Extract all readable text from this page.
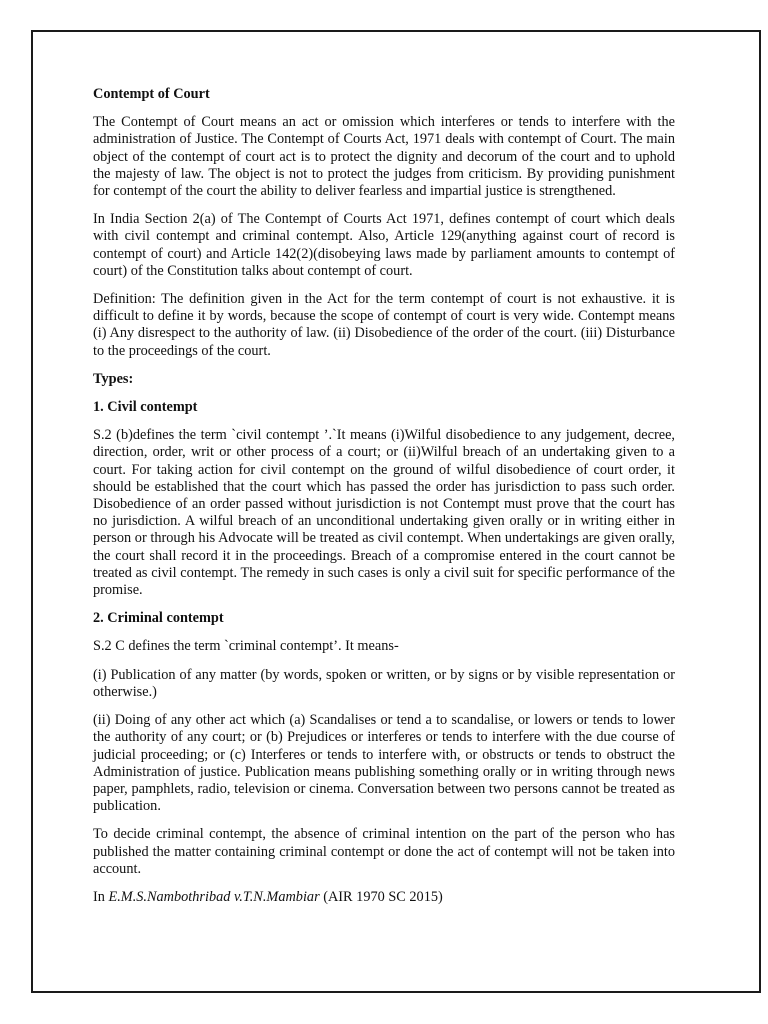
Contempt of Court

The Contempt of Court means an act or omission which interferes or tends to interfere with the administration of Justice. The Contempt of Courts Act, 1971 deals with contempt of Court. The main object of the contempt of court act is to protect the dignity and decorum of the court and to uphold the majesty of law. The object is not to protect the judges from criticism. By providing punishment for contempt of the court the ability to deliver fearless and impartial justice is strengthened.

In India Section 2(a) of The Contempt of Courts Act 1971, defines contempt of court which deals with civil contempt and criminal contempt. Also, Article 129(anything against court of record is contempt of court) and Article 142(2)(disobeying laws made by parliament amounts to contempt of court) of the Constitution talks about contempt of court.

Definition: The definition given in the Act for the term contempt of court is not exhaustive. it is difficult to define it by words, because the scope of contempt of court is very wide. Contempt means (i) Any disrespect to the authority of law. (ii) Disobedience of the order of the court. (iii) Disturbance to the proceedings of the court.

Types:

1. Civil contempt

S.2 (b)defines the term `civil contempt ’.`It means (i)Wilful disobedience to any judgement, decree, direction, order, writ or other process of a court; or (ii)Wilful breach of an undertaking given to a court. For taking action for civil contempt on the ground of wilful disobedience of court order, it should be established that the court which has passed the order has jurisdiction to pass such order. Disobedience of an order passed without jurisdiction is not Contempt must prove that the court has no jurisdiction. A wilful breach of an unconditional undertaking given orally or in writing either in person or through his Advocate will be treated as civil contempt. When undertakings are given orally, the court shall record it in the proceedings. Breach of a compromise entered in the court cannot be treated as civil contempt. The remedy in such cases is only a civil suit for specific performance of the promise.

2. Criminal contempt

S.2 C defines the term `criminal contempt’. It means-

(i) Publication of any matter (by words, spoken or written, or by signs or by visible representation or otherwise.)

(ii) Doing of any other act which (a) Scandalises or tend a to scandalise, or lowers or tends to lower the authority of any court; or (b) Prejudices or interferes or tends to interfere with the due course of judicial proceeding; or (c) Interferes or tends to interfere with, or obstructs or tends to obstruct the Administration of justice. Publication means publishing something orally or in writing through news paper, pamphlets, radio, television or cinema. Conversation between two persons cannot be treated as publication.

To decide criminal contempt, the absence of criminal intention on the part of the person who has published the matter containing criminal contempt or done the act of contempt will not be taken into account.

In E.M.S.Nambothribad v.T.N.Mambiar (AIR 1970 SC 2015)
